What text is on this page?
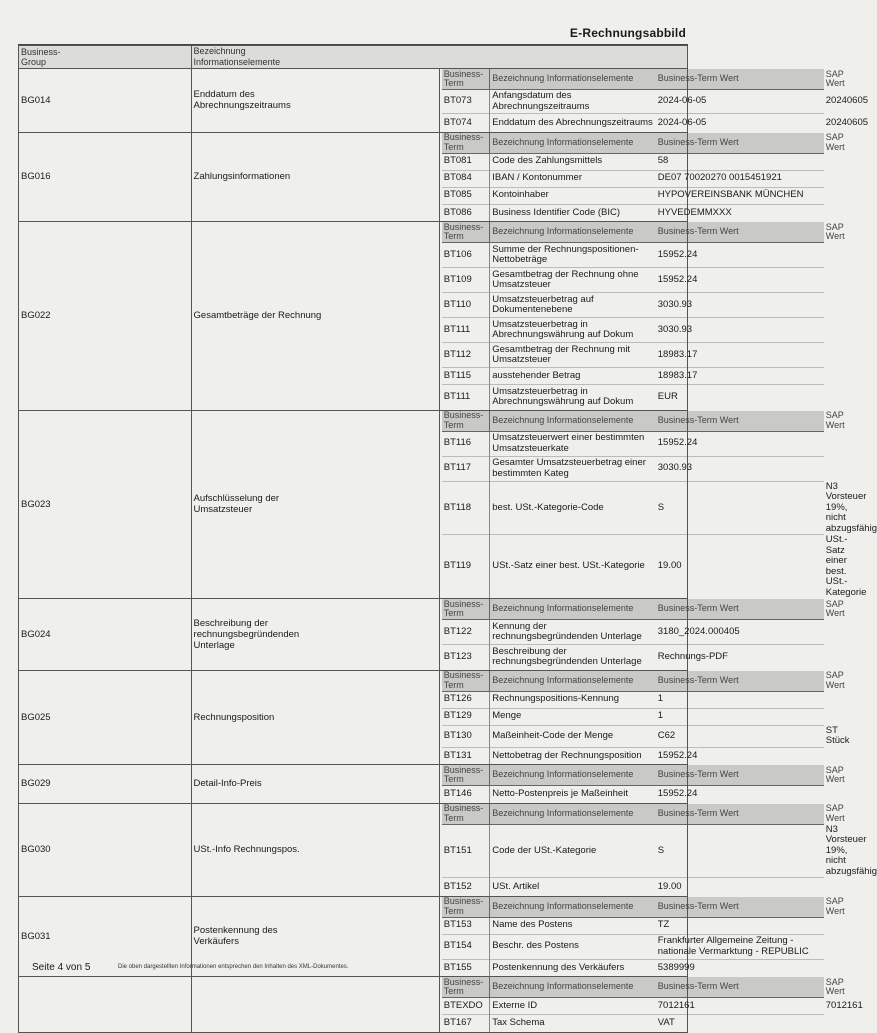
E-Rechnungsabbild
Business-
Group	Bezeichnung
Informationselemente
BG014	Enddatum des
Abrechnungszeitraums	
Business-
Term	Bezeichnung Informationselemente	Business-Term Wert	SAP Wert
BT073	Anfangsdatum des
Abrechnungszeitraums	2024-06-05	20240605
BT074	Enddatum des Abrechnungszeitraums	2024-06-05	20240605

BG016	Zahlungsinformationen	
Business-
Term	Bezeichnung Informationselemente	Business-Term Wert	SAP Wert
BT081	Code des Zahlungsmittels	58	
BT084	IBAN / Kontonummer	DE07 70020270 0015451921	
BT085	Kontoinhaber	HYPOVEREINSBANK MÜNCHEN	
BT086	Business Identifier Code (BIC)	HYVEDEMMXXX	

BG022	Gesamtbeträge der Rechnung	
Business-
Term	Bezeichnung Informationselemente	Business-Term Wert	SAP Wert
BT106	Summe der Rechnungspositionen-
Nettobeträge	15952.24	
BT109	Gesamtbetrag der Rechnung ohne
Umsatzsteuer	15952.24	
BT110	Umsatzsteuerbetrag auf
Dokumentenebene	3030.93	
BT111	Umsatzsteuerbetrag in
Abrechnungswährung auf Dokum	3030.93	
BT112	Gesamtbetrag der Rechnung mit
Umsatzsteuer	18983.17	
BT115	ausstehender Betrag	18983.17	
BT111	Umsatzsteuerbetrag in
Abrechnungswährung auf Dokum	EUR	

BG023	Aufschlüsselung der
Umsatzsteuer	
Business-
Term	Bezeichnung Informationselemente	Business-Term Wert	SAP Wert
BT116	Umsatzsteuerwert einer bestimmten
Umsatzsteuerkate	15952.24	
BT117	Gesamter Umsatzsteuerbetrag einer
bestimmten Kateg	3030.93	
BT118	best. USt.-Kategorie-Code	S	N3 Vorsteuer 19%,
nicht abzugsfähig
BT119	USt.-Satz einer best. USt.-Kategorie	19.00	USt.-Satz einer best.
USt.-Kategorie

BG024	Beschreibung der
rechnungsbegründenden
Unterlage	
Business-
Term	Bezeichnung Informationselemente	Business-Term Wert	SAP Wert
BT122	Kennung der
rechnungsbegründenden Unterlage	3180_2024.000405	
BT123	Beschreibung der
rechnungsbegründenden Unterlage	Rechnungs-PDF	

BG025	Rechnungsposition	
Business-
Term	Bezeichnung Informationselemente	Business-Term Wert	SAP Wert
BT126	Rechnungspositions-Kennung	1	
BT129	Menge	1	
BT130	Maßeinheit-Code der Menge	C62	ST Stück
BT131	Nettobetrag der Rechnungsposition	15952.24	

BG029	Detail-Info-Preis	
Business-
Term	Bezeichnung Informationselemente	Business-Term Wert	SAP Wert
BT146	Netto-Postenpreis je Maßeinheit	15952.24	

BG030	USt.-Info Rechnungspos.	
Business-
Term	Bezeichnung Informationselemente	Business-Term Wert	SAP Wert
BT151	Code der USt.-Kategorie	S	N3 Vorsteuer 19%,
nicht abzugsfähig
BT152	USt. Artikel	19.00	

BG031	Postenkennung des
Verkäufers	
Business-
Term	Bezeichnung Informationselemente	Business-Term Wert	SAP Wert
BT153	Name des Postens	TZ	
BT154	Beschr. des Postens	Frankfurter Allgemeine Zeitung -
nationale Vermarktung - REPUBLIC	
BT155	Postenkennung des Verkäufers	5389999	

Business-
Term	Bezeichnung Informationselemente	Business-Term Wert	SAP Wert
BTEXDO	Externe ID	7012161	7012161
BT167	Tax Schema	VAT	
Seite 4 von 5	Die oben dargestellten Informationen entsprechen den Inhalten des XML-Dokumentes.
